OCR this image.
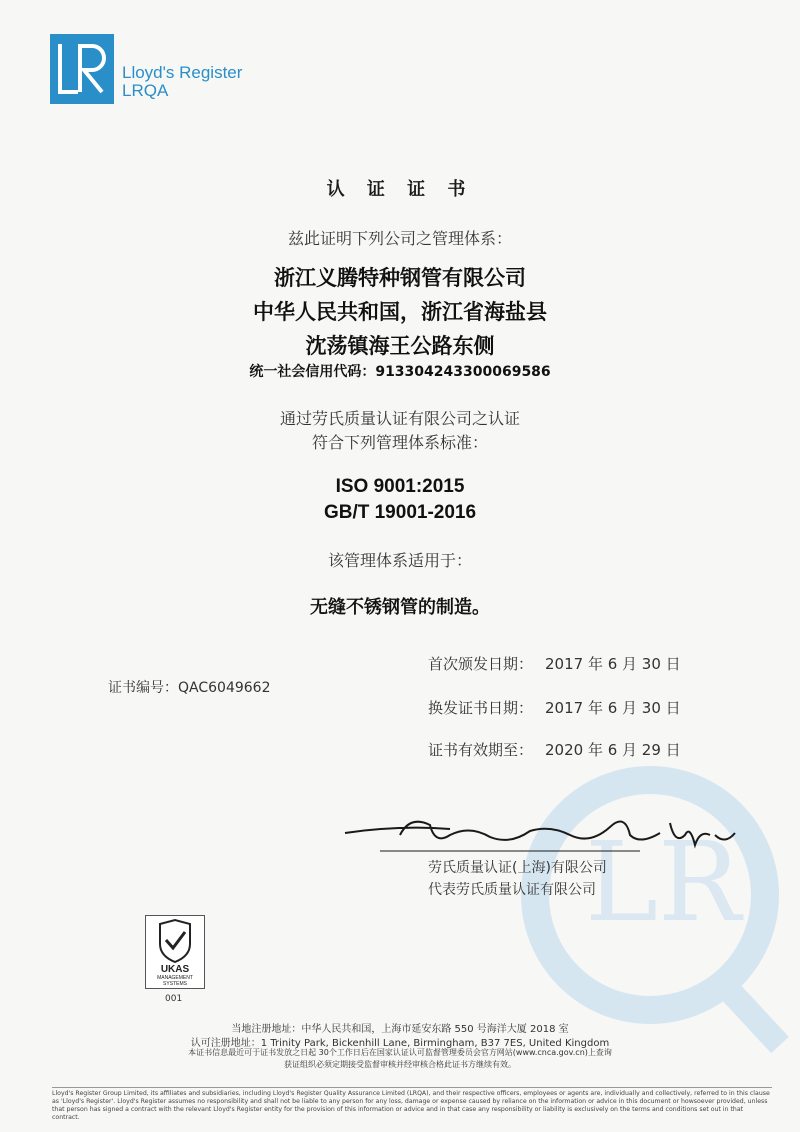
LR
Lloyd's Register
LRQA
认 证 证 书
兹此证明下列公司之管理体系：
浙江义腾特种钢管有限公司
中华人民共和国，浙江省海盐县
沈荡镇海王公路东侧
统一社会信用代码：913304243300069586
通过劳氏质量认证有限公司之认证
符合下列管理体系标准：
ISO 9001:2015
GB/T 19001-2016
该管理体系适用于：
无缝不锈钢管的制造。
首次颁发日期： 2017 年 6 月 30 日
证书编号：QAC6049662
换发证书日期： 2017 年 6 月 30 日
证书有效期至： 2020 年 6 月 29 日
劳氏质量认证(上海)有限公司
代表劳氏质量认证有限公司
UKAS
MANAGEMENT
SYSTEMS
001
当地注册地址：中华人民共和国，上海市延安东路 550 号海洋大厦 2018 室
认可注册地址：1 Trinity Park, Bickenhill Lane, Birmingham, B37 7ES, United Kingdom
本证书信息最近可于证书发放之日起 30个工作日后在国家认证认可监督管理委员会官方网站(www.cnca.gov.cn)上查询
获证组织必须定期接受监督审核并经审核合格此证书方继续有效。
Lloyd's Register Group Limited, its affiliates and subsidiaries, including Lloyd's Register Quality Assurance Limited (LRQA), and their respective officers, employees or agents are, individually and collectively, referred to in this clause as 'Lloyd's Register'. Lloyd's Register assumes no responsibility and shall not be liable to any person for any loss, damage or expense caused by reliance on the information or advice in this document or howsoever provided, unless that person has signed a contract with the relevant Lloyd's Register entity for the provision of this information or advice and in that case any responsibility or liability is exclusively on the terms and conditions set out in that contract.
